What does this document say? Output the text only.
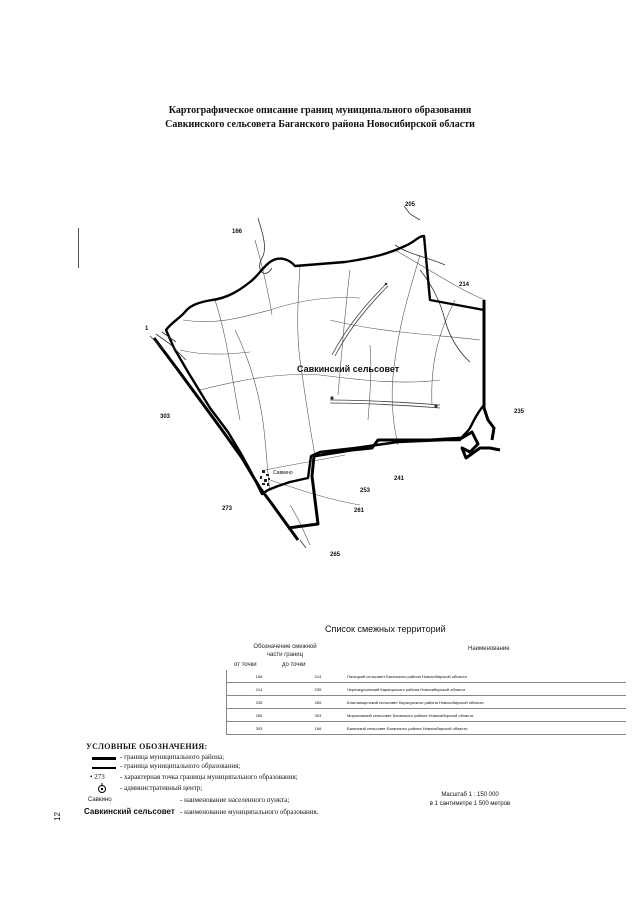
Картографическое описание границ муниципального образования
Савкинского сельсовета Баганского района Новосибирской области
Савкинский сельсовет
Савкино
205
166
214
1
303
235
241
253
261
273
265
Список смежных территорий
Обозначение смежной
части границ
Наименование
от точки	до точки
166	214	Палецкий сельсовет Баганского района Новосибирской области
214	235	Чернокурьинский Карасукского района Новосибирской области
235	265	Благовещенский сельсовет Карасукского района Новосибирской области
265	303	Мироновский сельсовет Баганского района Новосибирской области
303	166	Баганский сельсовет Баганского района Новосибирской области
УСЛОВНЫЕ ОБОЗНАЧЕНИЯ:
- граница муниципального района;
- граница муниципального образования;
• 273 - характерная точка границы муниципального образования;
- административный центр;
Савкино	- наименование населенного пункта;
Савкинский сельсовет - наименование муниципального образования.
Масштаб 1 : 150 000
в 1 сантиметре 1 500 метров
12
